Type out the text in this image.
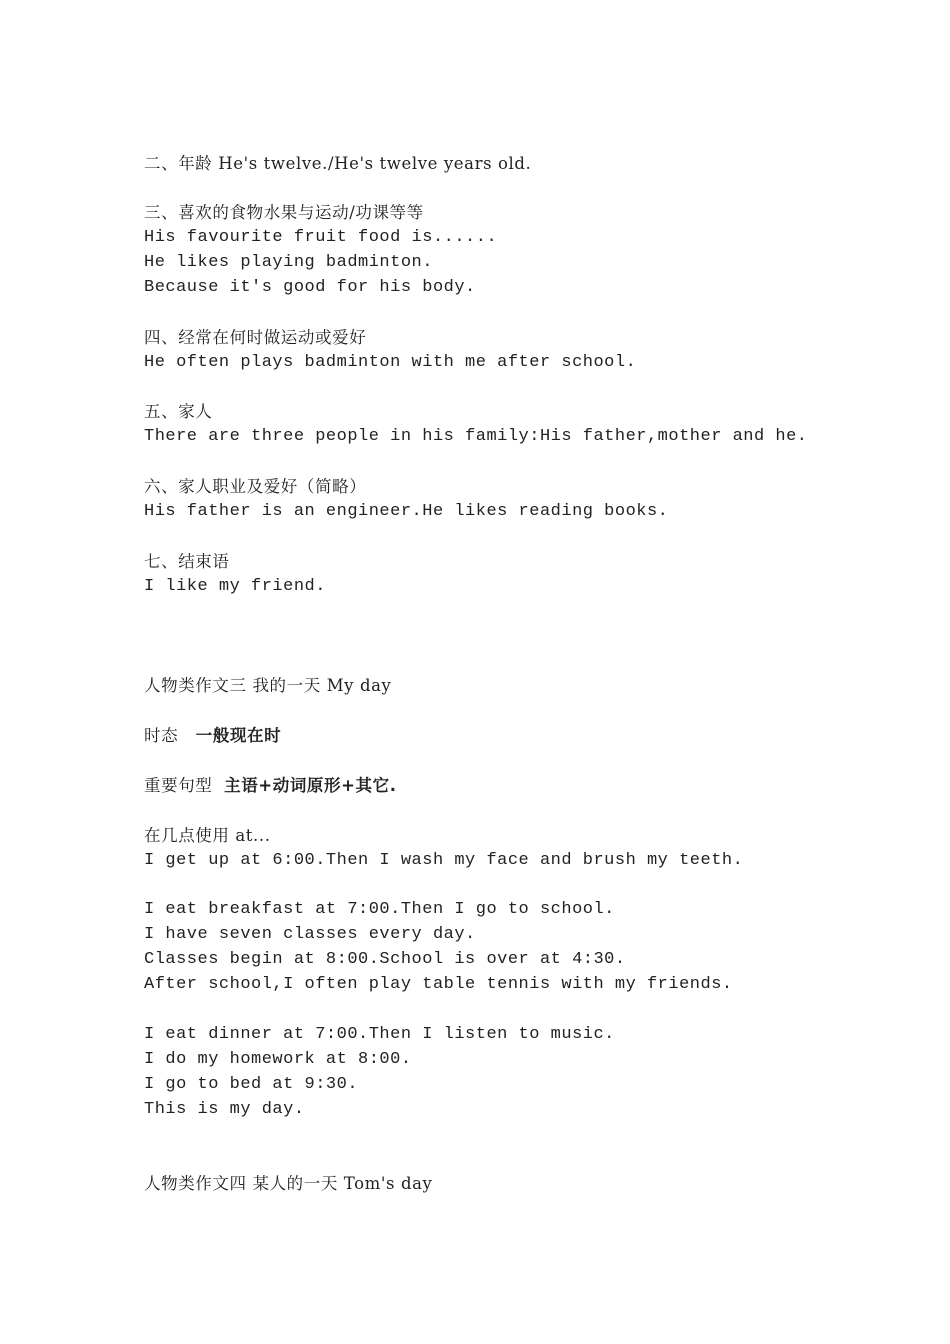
二、年龄 He's twelve./He's twelve years old.

三、喜欢的食物水果与运动/功课等等

His favourite fruit food is......

He likes playing badminton.

Because it's good for his body.

四、经常在何时做运动或爱好

He often plays badminton with me after school.

五、家人

There are three people in his family:His father,mother and he.

六、家人职业及爱好（简略）

His father is an engineer.He likes reading books.

七、结束语

I like my friend.

人物类作文三 我的一天 My day

时态 一般现在时

重要句型 主语+动词原形+其它.

在几点使用 at...

I get up at 6:00.Then I wash my face and brush my teeth.

I eat breakfast at 7:00.Then I go to school.

I have seven classes every day.

Classes begin at 8:00.School is over at 4:30.

After school,I often play table tennis with my friends.

I eat dinner at 7:00.Then I listen to music.

I do my homework at 8:00.

I go to bed at 9:30.

This is my day.

人物类作文四 某人的一天 Tom's day
